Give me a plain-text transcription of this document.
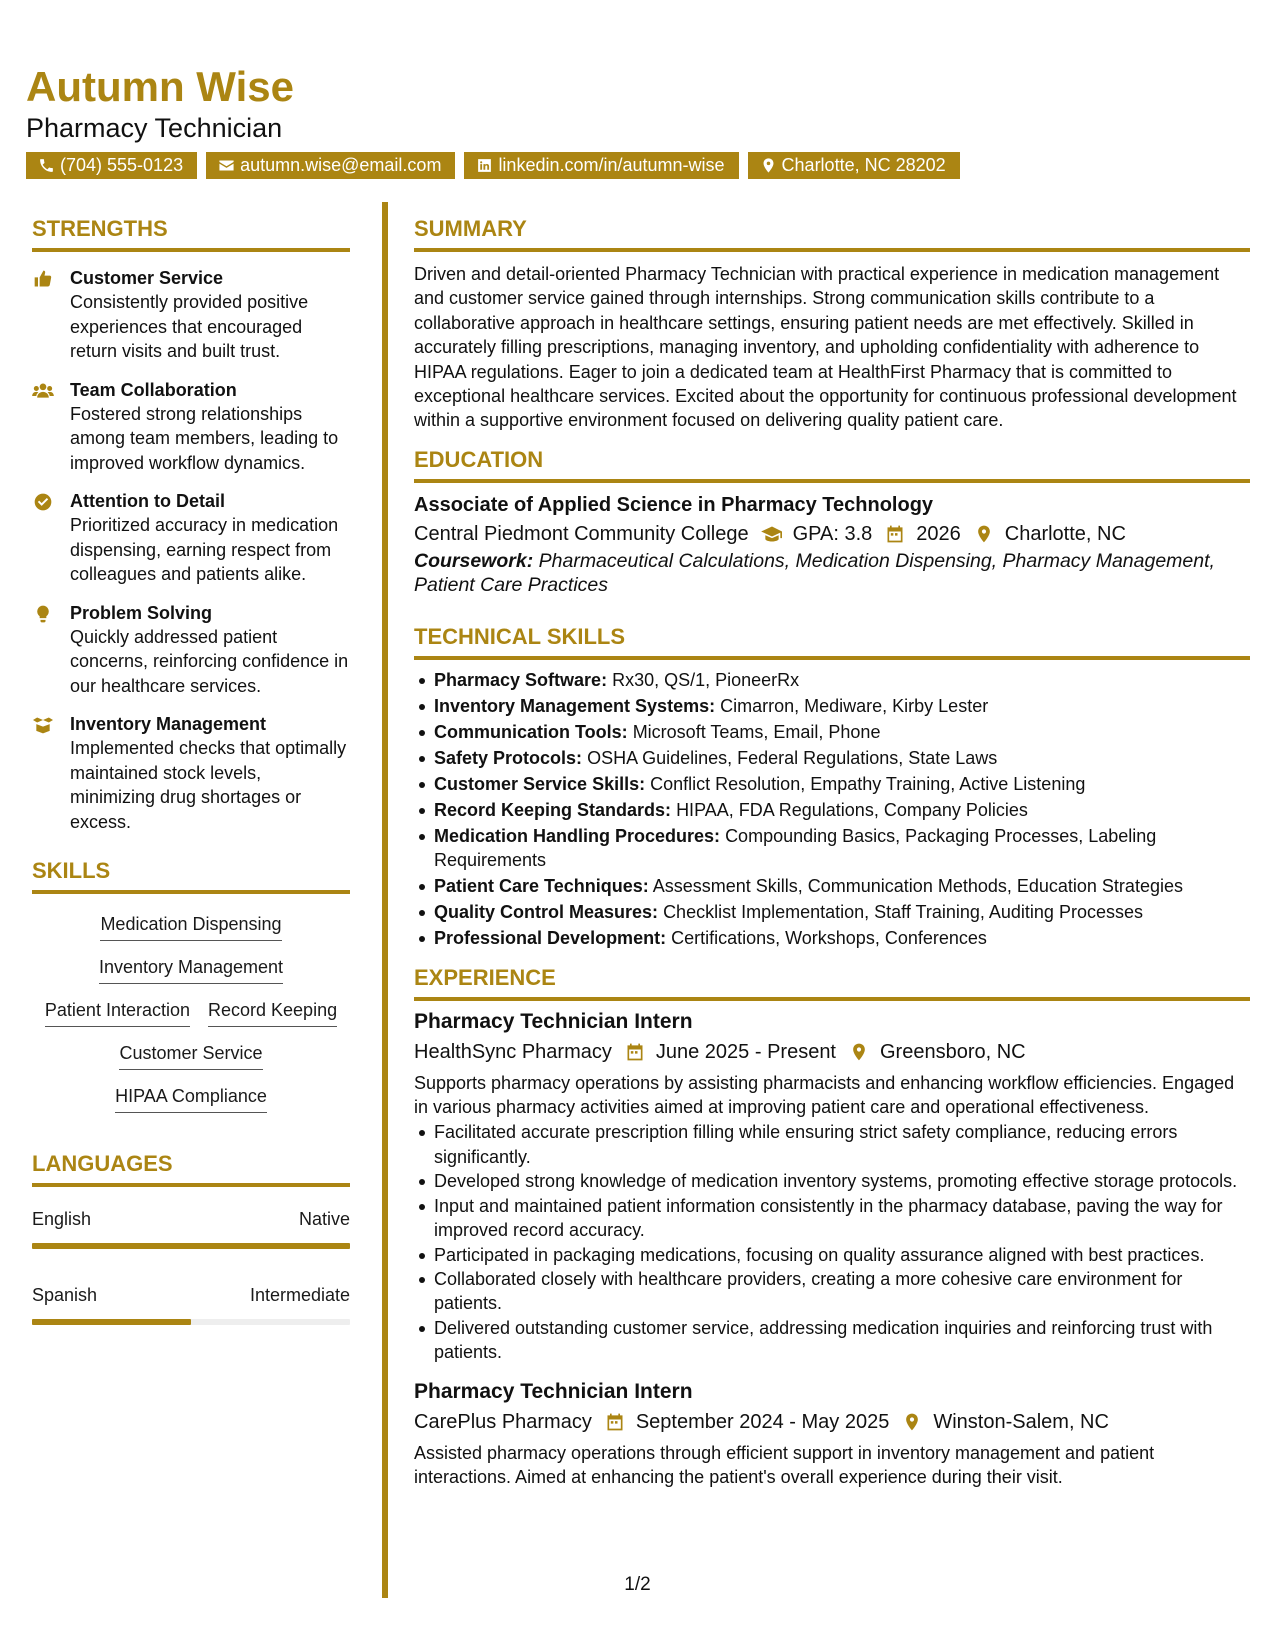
Autumn Wise
Pharmacy Technician
(704) 555-0123	autumn.wise@email.com	linkedin.com/in/autumn-wise	Charlotte, NC 28202
STRENGTHS
Customer Service
Consistently provided positive experiences that encouraged return visits and built trust.
Team Collaboration
Fostered strong relationships among team members, leading to improved workflow dynamics.
Attention to Detail
Prioritized accuracy in medication dispensing, earning respect from colleagues and patients alike.
Problem Solving
Quickly addressed patient concerns, reinforcing confidence in our healthcare services.
Inventory Management
Implemented checks that optimally maintained stock levels, minimizing drug shortages or excess.
SKILLS
Medication Dispensing
Inventory Management
Patient Interaction Record Keeping
Customer Service
HIPAA Compliance
LANGUAGES
English	Native
Spanish	Intermediate
SUMMARY
Driven and detail-oriented Pharmacy Technician with practical experience in medication management and customer service gained through internships. Strong communication skills contribute to a collaborative approach in healthcare settings, ensuring patient needs are met effectively. Skilled in accurately filling prescriptions, managing inventory, and upholding confidentiality with adherence to HIPAA regulations. Eager to join a dedicated team at HealthFirst Pharmacy that is committed to exceptional healthcare services. Excited about the opportunity for continuous professional development within a supportive environment focused on delivering quality patient care.
EDUCATION
Associate of Applied Science in Pharmacy Technology
Central Piedmont Community College GPA: 3.8 2026 Charlotte, NC
Coursework: Pharmaceutical Calculations, Medication Dispensing, Pharmacy Management, Patient Care Practices
TECHNICAL SKILLS
Pharmacy Software: Rx30, QS/1, PioneerRx
Inventory Management Systems: Cimarron, Mediware, Kirby Lester
Communication Tools: Microsoft Teams, Email, Phone
Safety Protocols: OSHA Guidelines, Federal Regulations, State Laws
Customer Service Skills: Conflict Resolution, Empathy Training, Active Listening
Record Keeping Standards: HIPAA, FDA Regulations, Company Policies
Medication Handling Procedures: Compounding Basics, Packaging Processes, Labeling Requirements
Patient Care Techniques: Assessment Skills, Communication Methods, Education Strategies
Quality Control Measures: Checklist Implementation, Staff Training, Auditing Processes
Professional Development: Certifications, Workshops, Conferences
EXPERIENCE
Pharmacy Technician Intern
HealthSync Pharmacy June 2025 - Present Greensboro, NC
Supports pharmacy operations by assisting pharmacists and enhancing workflow efficiencies. Engaged in various pharmacy activities aimed at improving patient care and operational effectiveness.
Facilitated accurate prescription filling while ensuring strict safety compliance, reducing errors significantly.
Developed strong knowledge of medication inventory systems, promoting effective storage protocols.
Input and maintained patient information consistently in the pharmacy database, paving the way for improved record accuracy.
Participated in packaging medications, focusing on quality assurance aligned with best practices.
Collaborated closely with healthcare providers, creating a more cohesive care environment for patients.
Delivered outstanding customer service, addressing medication inquiries and reinforcing trust with patients.
Pharmacy Technician Intern
CarePlus Pharmacy September 2024 - May 2025 Winston-Salem, NC
Assisted pharmacy operations through efficient support in inventory management and patient interactions. Aimed at enhancing the patient's overall experience during their visit.
1/2
